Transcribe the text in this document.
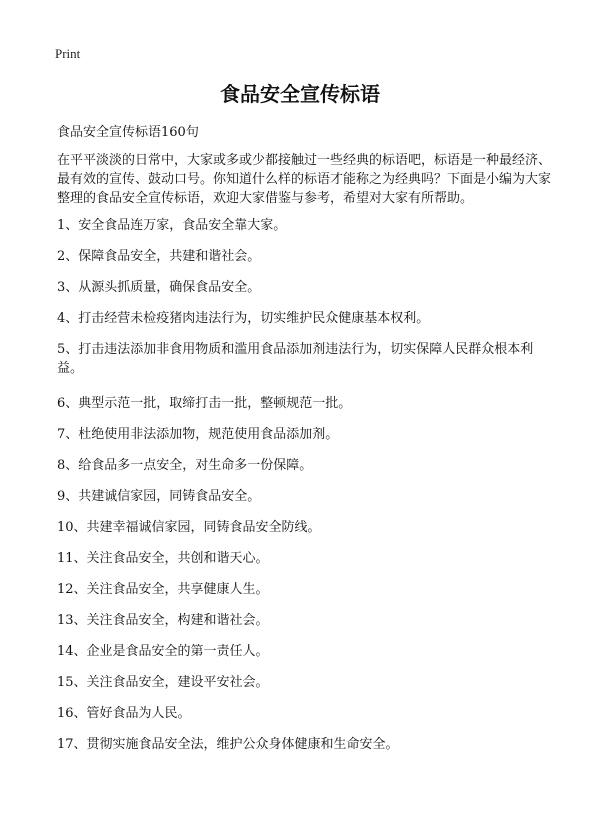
Print
食品安全宣传标语

食品安全宣传标语160句

在平平淡淡的日常中，大家或多或少都接触过一些经典的标语吧，标语是一种最经济、最有效的宣传、鼓动口号。你知道什么样的标语才能称之为经典吗？下面是小编为大家整理的食品安全宣传标语，欢迎大家借鉴与参考，希望对大家有所帮助。

1、安全食品连万家，食品安全靠大家。
2、保障食品安全，共建和谐社会。
3、从源头抓质量，确保食品安全。
4、打击经营未检疫猪肉违法行为，切实维护民众健康基本权利。
5、打击违法添加非食用物质和滥用食品添加剂违法行为，切实保障人民群众根本利益。
6、典型示范一批，取缔打击一批，整顿规范一批。
7、杜绝使用非法添加物，规范使用食品添加剂。
8、给食品多一点安全，对生命多一份保障。
9、共建诚信家园，同铸食品安全。
10、共建幸福诚信家园，同铸食品安全防线。
11、关注食品安全，共创和谐天心。
12、关注食品安全，共享健康人生。
13、关注食品安全，构建和谐社会。
14、企业是食品安全的第一责任人。
15、关注食品安全，建设平安社会。
16、管好食品为人民。
17、贯彻实施食品安全法，维护公众身体健康和生命安全。
